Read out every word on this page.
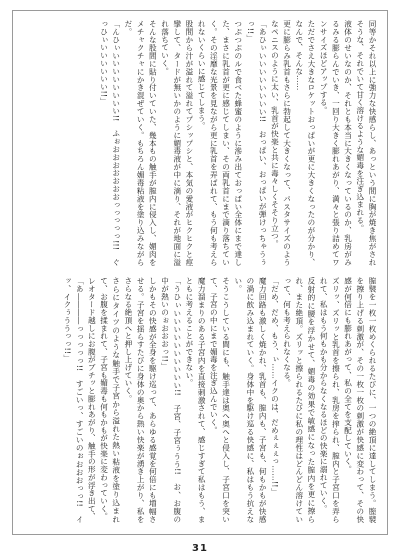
同等かそれ以上に強力な快感らし、あっという間に胸が焼き焦がされそうな、それでいて甘く溶けるような媚毒を注ぎ込まれる。

液体のせいなのか、それとも本当に大きくなっているのか、乳房がみるみる膨らんでいき、一回り大きく膨れあがり、満々と張り詰めてワンサイズほどアップする。

ただでさえ大きなロケットおっぱいが更に大きくなったのが分かり、なんで、そんな……

更に膨らみ乳首もさらに勃起して大きくなって、パスタサイズのようなペニスのように太い、乳首が快楽と共に毒々しくそそり立つ。

「あひぃいいいいいいいい!!　おっぱい、おっぱいが弾けっちゃうぅっ!!」

つぷつぷのルで食べた蜂蜜のように滲み出ておっぱい全体にまで達した、まさに乳首が更に感じてしまい、その両乳首にまで滴り落ちていく。その淫靡な光景を見ながら更に乳首を弄ばれて、もう何も考えられないくらいに感じてしまう。

股間から汁が溢れて溢れてプシップシと、本気の愛液がヒクヒクと痙攣して、タードが無いかのように媚毒液が中に滴り、それが地面に溢れ落ちていく。

そんな股間に貼り付いていた、幾本もの触手が膣内に侵入し、媚肉をメチャクチャにかき混ぜていく。もちろん媚毒粘液を塗り込みながらだ。

「んひぃいいいいいいいい!!　ふぉおおおおおおおっっっっっ!!!　ぐっひぃいいいいいい!!」

膣襞を一枚一枚めくられるたびに、一つの絶頂に達してしまう。膣襞を擦り上げる刺激が、その一枚一枚の刺激が快感に変わって、その快感が何倍にも膨れあがって、私の全てを支配していく。

ズリッ、ズリッと乳首を擦られ、乳房を搾られ、膣内と子宮口を弄られて、私はもう何もかも分からなくなるほどの快楽に溺れていく。

反射的に腰を浮かせて、媚毒の効果で敏感になった膣内を更に擦られ、また絶頂。ズリッと擦られるたびに私の理性はどんどん溶けていって、何も考えられなくなる。

「だめ、だめ、もう、ぃ……イクのは、だめぇぇぇっ……!!」

魔力回路も激しく焼かれ、乳首も、膣内も、子宮も、何もかもが快感の渦に飲み込まれていく。身体中を駆け巡る快感に、私はもう抗えない。

そうこうしている間にも、触手達は奥へ奥へと侵入し、子宮口を突いて、子宮の中にまで媚毒を注ぎ込んでいく。

魔力溜まりのある子宮内を直接刺激されて、感じすぎて私はもう、まともに考えることができない。

「うひぃいいいいいいいいいい!!　子宮、子宮ぅうう!!　お、お腹の中が熱いのぉおおおっ!!」

しかもその快感が全身を駆け巡って、あらゆる感覚を何倍にも増幅させる。子宮を揺らすたびに身体の奥から熱い快楽が湧き上がり、私をさらなる絶頂へと押し上げていく。

さらにタイツのような触手で子宮から溢れた熱い粘液を塗り込まれて、お腹を揉まれて、子宮も媚毒も何もかもが快楽に変わっていく。

レオタード越しにお腹がブチッと膨れあがり、触手の形が浮き出て、

「あ――――っっっっっ!!　すごいっ、すごいのぉおおおっっ!!　イッ、イクぅううっっ!!」

31
